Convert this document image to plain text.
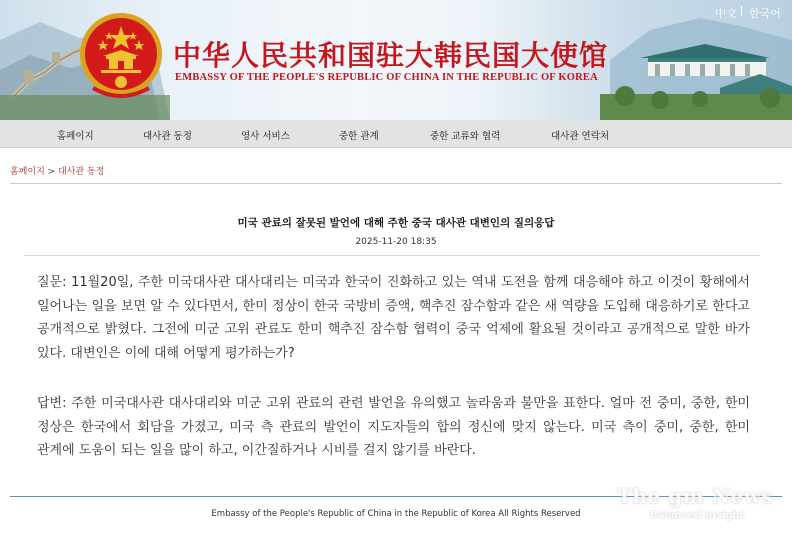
中文 한국어
中华人民共和国驻大韩民国大使馆
EMBASSY OF THE PEOPLE'S REPUBLIC OF CHINA IN THE REPUBLIC OF KOREA
홈페이지	대사관 동정	영사 서비스	중한 관계	중한 교류와 협력	대사관 연락처
홈페이지 > 대사관 동정
미국 관료의 잘못된 발언에 대해 주한 중국 대사관 대변인의 질의응답
2025-11-20 18:35
질문: 11월20일, 주한 미국대사관 대사대리는 미국과 한국이 진화하고 있는 역내 도전을 함께 대응해야 하고 이것이 황해에서 일어나는 일을 보면 알 수 있다면서, 한미 정상이 한국 국방비 증액, 핵추진 잠수함과 같은 새 역량을 도입해 대응하기로 한다고 공개적으로 밝혔다. 그전에 미군 고위 관료도 한미 핵추진 잠수함 협력이 중국 억제에 활요될 것이라고 공개적으로 말한 바가 있다. 대변인은 이에 대해 어떻게 평가하는가?
답변: 주한 미국대사관 대사대리와 미군 고위 관료의 관련 발언을 유의했고 놀라움과 불만을 표한다. 얼마 전 중미, 중한, 한미 정상은 한국에서 회담을 가졌고, 미국 측 관료의 발언이 지도자들의 합의 정신에 맞지 않는다. 미국 측이 중미, 중한, 한미 관계에 도움이 되는 일을 많이 하고, 이간질하거나 시비를 걸지 않기를 바란다.
Embassy of the People's Republic of China in the Republic of Korea All Rights Reserved
The gm News
Balanced Insight
